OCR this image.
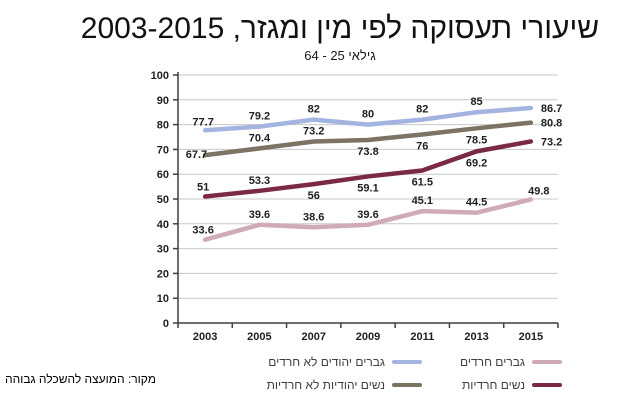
שיעורי תעסוקה לפי מין ומגזר, 2003-2015
גילאי 25 - 64
0
10
20
30
40
50
60
70
80
90
100
2003	2005	2007	2009	2011	2013	2015
77.7	79.2
82	80	82
85
86.7
67.7
70.4
73.2
73.8	76
78.5
80.8
51
53.3
56
59.1	61.5
69.2
73.2
33.6
39.6	38.6	39.6
45.1	44.5
49.8
גברים חרדים
גברים יהודים לא חרדים
נשים חרדיות
נשים יהודיות לא חרדיות
מקור: המועצה להשכלה גבוהה
